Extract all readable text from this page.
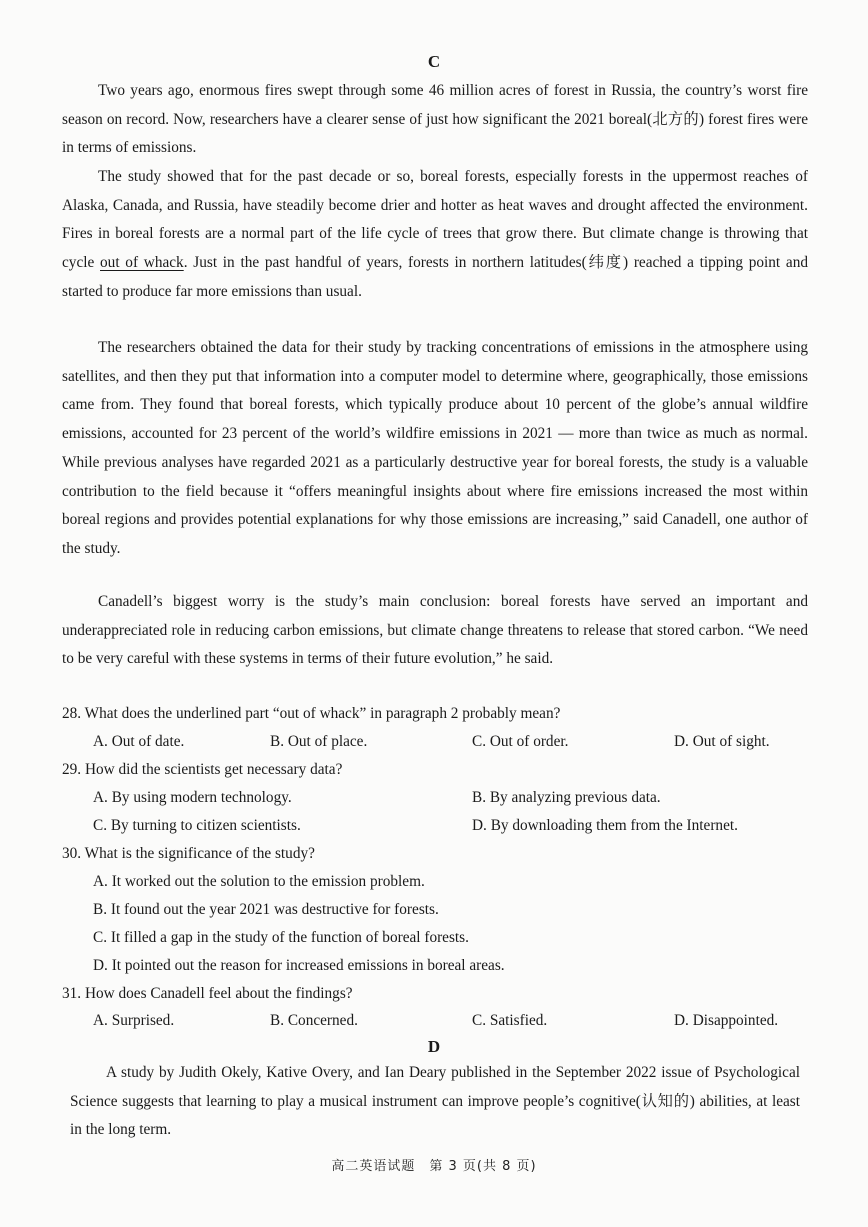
C

Two years ago, enormous fires swept through some 46 million acres of forest in Russia, the country’s worst fire season on record. Now, researchers have a clearer sense of just how significant the 2021 boreal(北方的) forest fires were in terms of emissions.

The study showed that for the past decade or so, boreal forests, especially forests in the uppermost reaches of Alaska, Canada, and Russia, have steadily become drier and hotter as heat waves and drought affected the environment. Fires in boreal forests are a normal part of the life cycle of trees that grow there. But climate change is throwing that cycle out of whack. Just in the past handful of years, forests in northern latitudes(纬度) reached a tipping point and started to produce far more emissions than usual.

The researchers obtained the data for their study by tracking concentrations of emissions in the atmosphere using satellites, and then they put that information into a computer model to determine where, geographically, those emissions came from. They found that boreal forests, which typically produce about 10 percent of the globe’s annual wildfire emissions, accounted for 23 percent of the world’s wildfire emissions in 2021 — more than twice as much as normal. While previous analyses have regarded 2021 as a particularly destructive year for boreal forests, the study is a valuable contribution to the field because it “offers meaningful insights about where fire emissions increased the most within boreal regions and provides potential explanations for why those emissions are increasing,” said Canadell, one author of the study.

Canadell’s biggest worry is the study’s main conclusion: boreal forests have served an important and underappreciated role in reducing carbon emissions, but climate change threatens to release that stored carbon. “We need to be very careful with these systems in terms of their future evolution,” he said.

28. What does the underlined part “out of whack” in paragraph 2 probably mean?
A. Out of date.	B. Out of place.	C. Out of order.	D. Out of sight.
29. How did the scientists get necessary data?
A. By using modern technology.	B. By analyzing previous data.
C. By turning to citizen scientists.	D. By downloading them from the Internet.
30. What is the significance of the study?
A. It worked out the solution to the emission problem.
B. It found out the year 2021 was destructive for forests.
C. It filled a gap in the study of the function of boreal forests.
D. It pointed out the reason for increased emissions in boreal areas.
31. How does Canadell feel about the findings?
A. Surprised.	B. Concerned.	C. Satisfied.	D. Disappointed.
D

A study by Judith Okely, Kative Overy, and Ian Deary published in the September 2022 issue of Psychological Science suggests that learning to play a musical instrument can improve people’s cognitive(认知的) abilities, at least in the long term.

高二英语试题　第 3 页(共 8 页)
